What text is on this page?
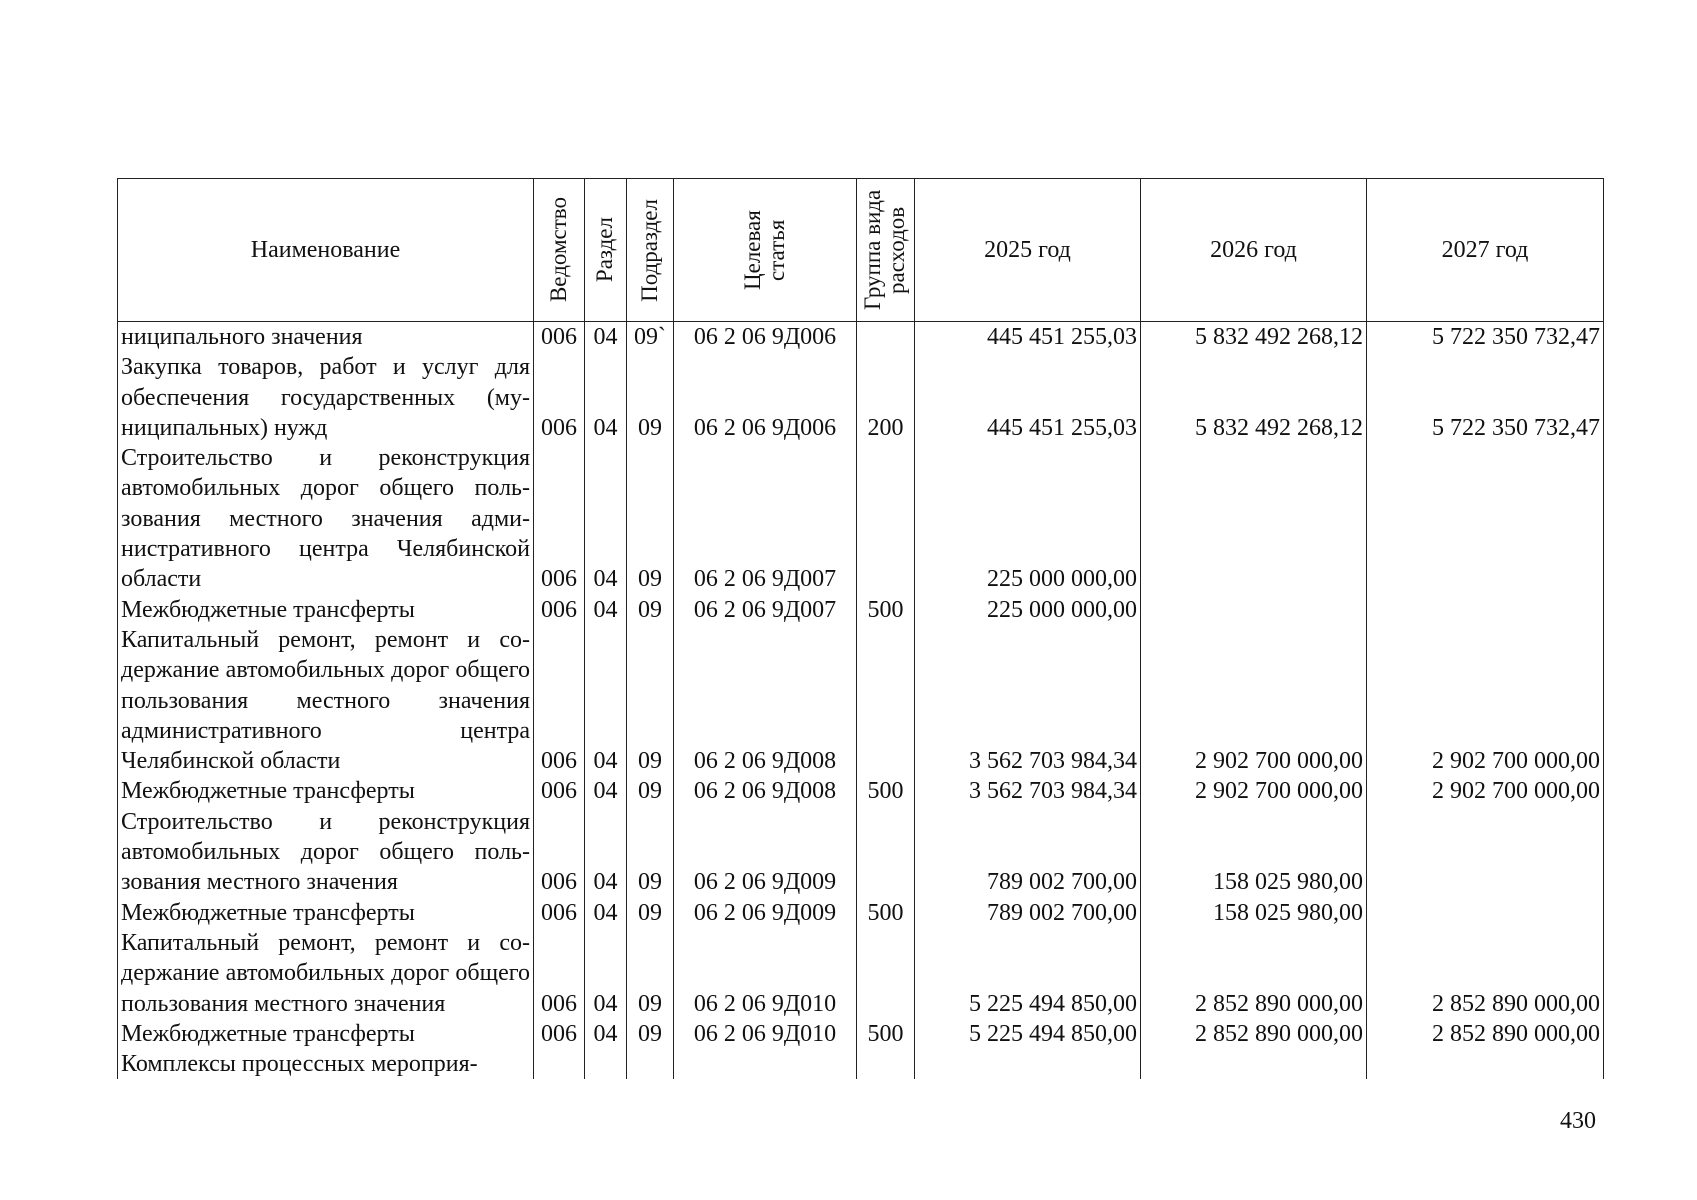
Наименование	Ведомство	Раздел	Подраздел	Целевая статья	Группа вида расходов	2025 год	2026 год	2027 год
ниципального значения	006	04	09`	06 2 06 9Д006		445 451 255,03	5 832 492 268,12	5 722 350 732,47
Закупка товаров, работ и услуг для обеспечения государственных (муниципальных) нужд	006	04	09	06 2 06 9Д006	200	445 451 255,03	5 832 492 268,12	5 722 350 732,47
Строительство и реконструкция автомобильных дорог общего пользования местного значения административного центра Челябинской области	006	04	09	06 2 06 9Д007		225 000 000,00		
Межбюджетные трансферты	006	04	09	06 2 06 9Д007	500	225 000 000,00		
Капитальный ремонт, ремонт и содержание автомобильных дорог общего пользования местного значения административного центра Челябинской области	006	04	09	06 2 06 9Д008		3 562 703 984,34	2 902 700 000,00	2 902 700 000,00
Межбюджетные трансферты	006	04	09	06 2 06 9Д008	500	3 562 703 984,34	2 902 700 000,00	2 902 700 000,00
Строительство и реконструкция автомобильных дорог общего пользования местного значения	006	04	09	06 2 06 9Д009		789 002 700,00	158 025 980,00	
Межбюджетные трансферты	006	04	09	06 2 06 9Д009	500	789 002 700,00	158 025 980,00	
Капитальный ремонт, ремонт и содержание автомобильных дорог общего пользования местного значения	006	04	09	06 2 06 9Д010		5 225 494 850,00	2 852 890 000,00	2 852 890 000,00
Межбюджетные трансферты	006	04	09	06 2 06 9Д010	500	5 225 494 850,00	2 852 890 000,00	2 852 890 000,00
Комплексы процессных мероприя-								
430
